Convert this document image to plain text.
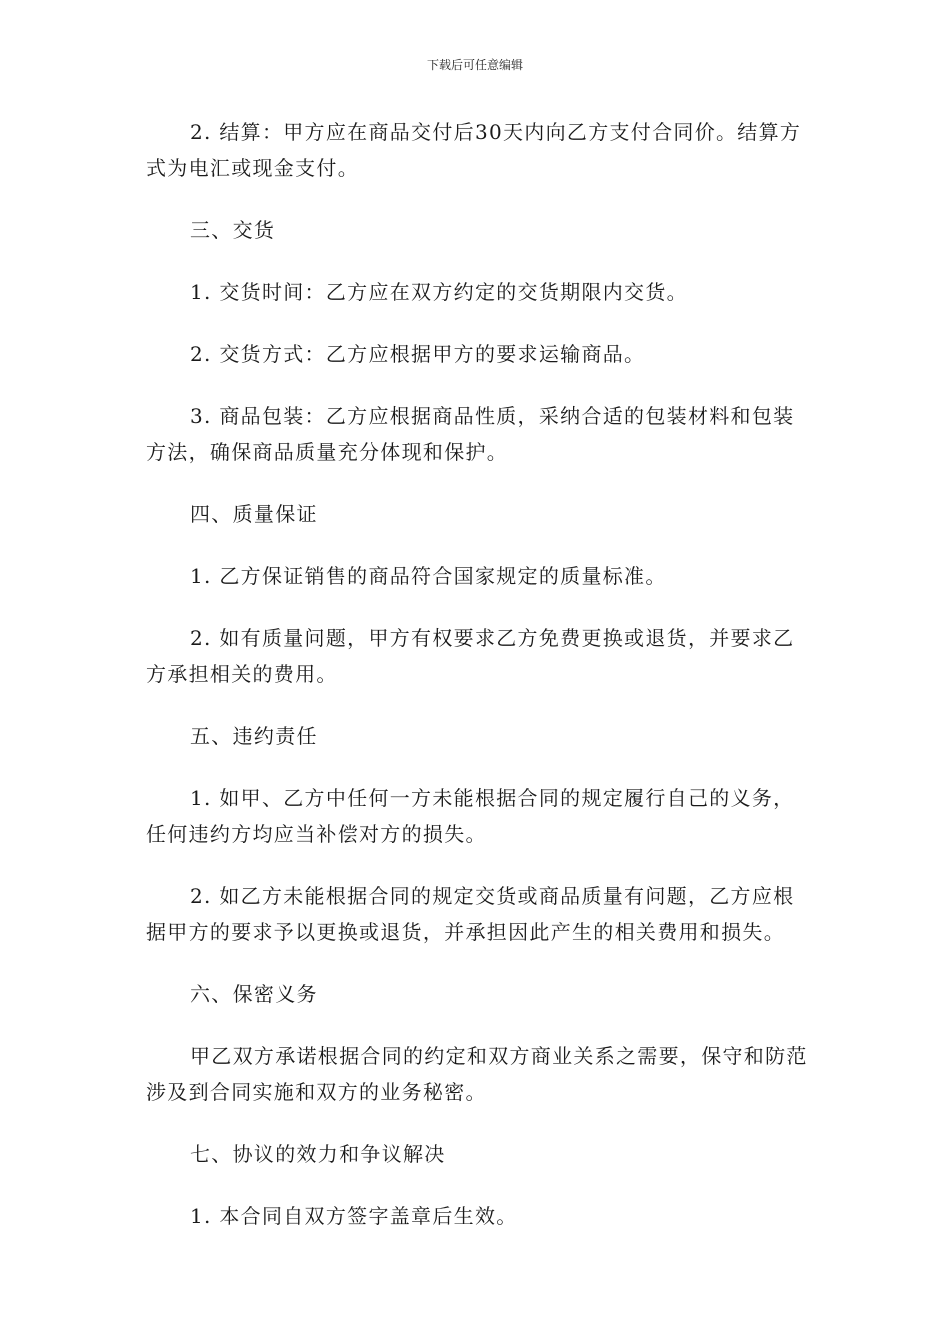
下载后可任意编辑

2. 结算：甲方应在商品交付后30天内向乙方支付合同价。结算方式为电汇或现金支付。

三、交货

1. 交货时间：乙方应在双方约定的交货期限内交货。

2. 交货方式：乙方应根据甲方的要求运输商品。

3. 商品包装：乙方应根据商品性质，采纳合适的包装材料和包装方法，确保商品质量充分体现和保护。

四、质量保证

1. 乙方保证销售的商品符合国家规定的质量标准。

2. 如有质量问题，甲方有权要求乙方免费更换或退货，并要求乙方承担相关的费用。

五、违约责任

1. 如甲、乙方中任何一方未能根据合同的规定履行自己的义务，任何违约方均应当补偿对方的损失。

2. 如乙方未能根据合同的规定交货或商品质量有问题，乙方应根据甲方的要求予以更换或退货，并承担因此产生的相关费用和损失。

六、保密义务

甲乙双方承诺根据合同的约定和双方商业关系之需要，保守和防范涉及到合同实施和双方的业务秘密。

七、协议的效力和争议解决

1. 本合同自双方签字盖章后生效。
